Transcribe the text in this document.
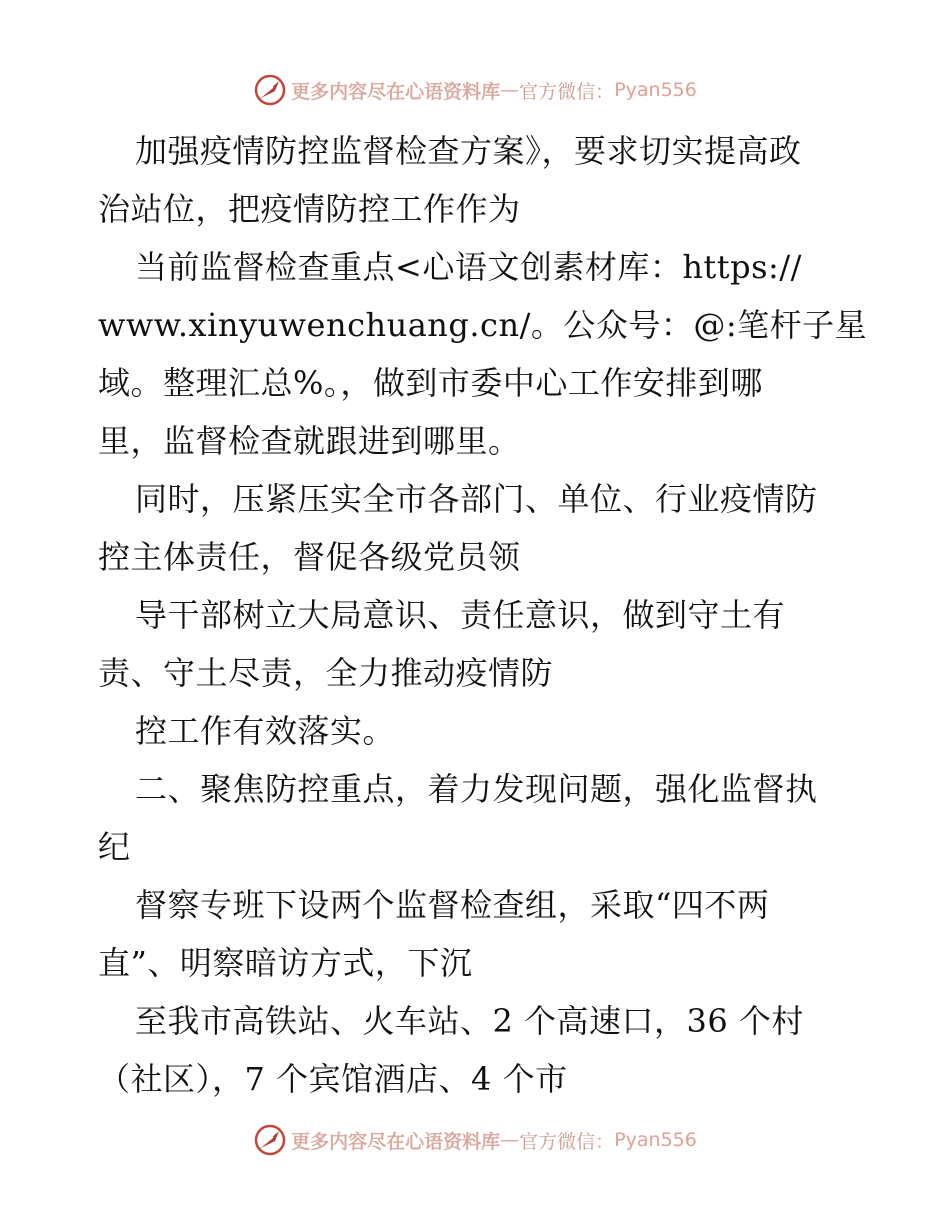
更多内容尽在心语资料库 — 官方微信： Pyan556
加强疫情防控监督检查方案》，要求切实提高政
治站位，把疫情防控工作作为
当前监督检查重点<心语文创素材库：https://
www.xinyuwenchuang.cn/。公众号：@:笔杆子星
域。整理汇总%。，做到市委中心工作安排到哪
里，监督检查就跟进到哪里。
同时，压紧压实全市各部门、单位、行业疫情防
控主体责任，督促各级党员领
导干部树立大局意识、责任意识，做到守土有
责、守土尽责，全力推动疫情防
控工作有效落实。
二、聚焦防控重点，着力发现问题，强化监督执
纪
督察专班下设两个监督检查组，采取“四不两
直”、明察暗访方式，下沉
至我市高铁站、火车站、2 个高速口，36 个村
（社区），7 个宾馆酒店、4 个市
更多内容尽在心语资料库 — 官方微信： Pyan556
